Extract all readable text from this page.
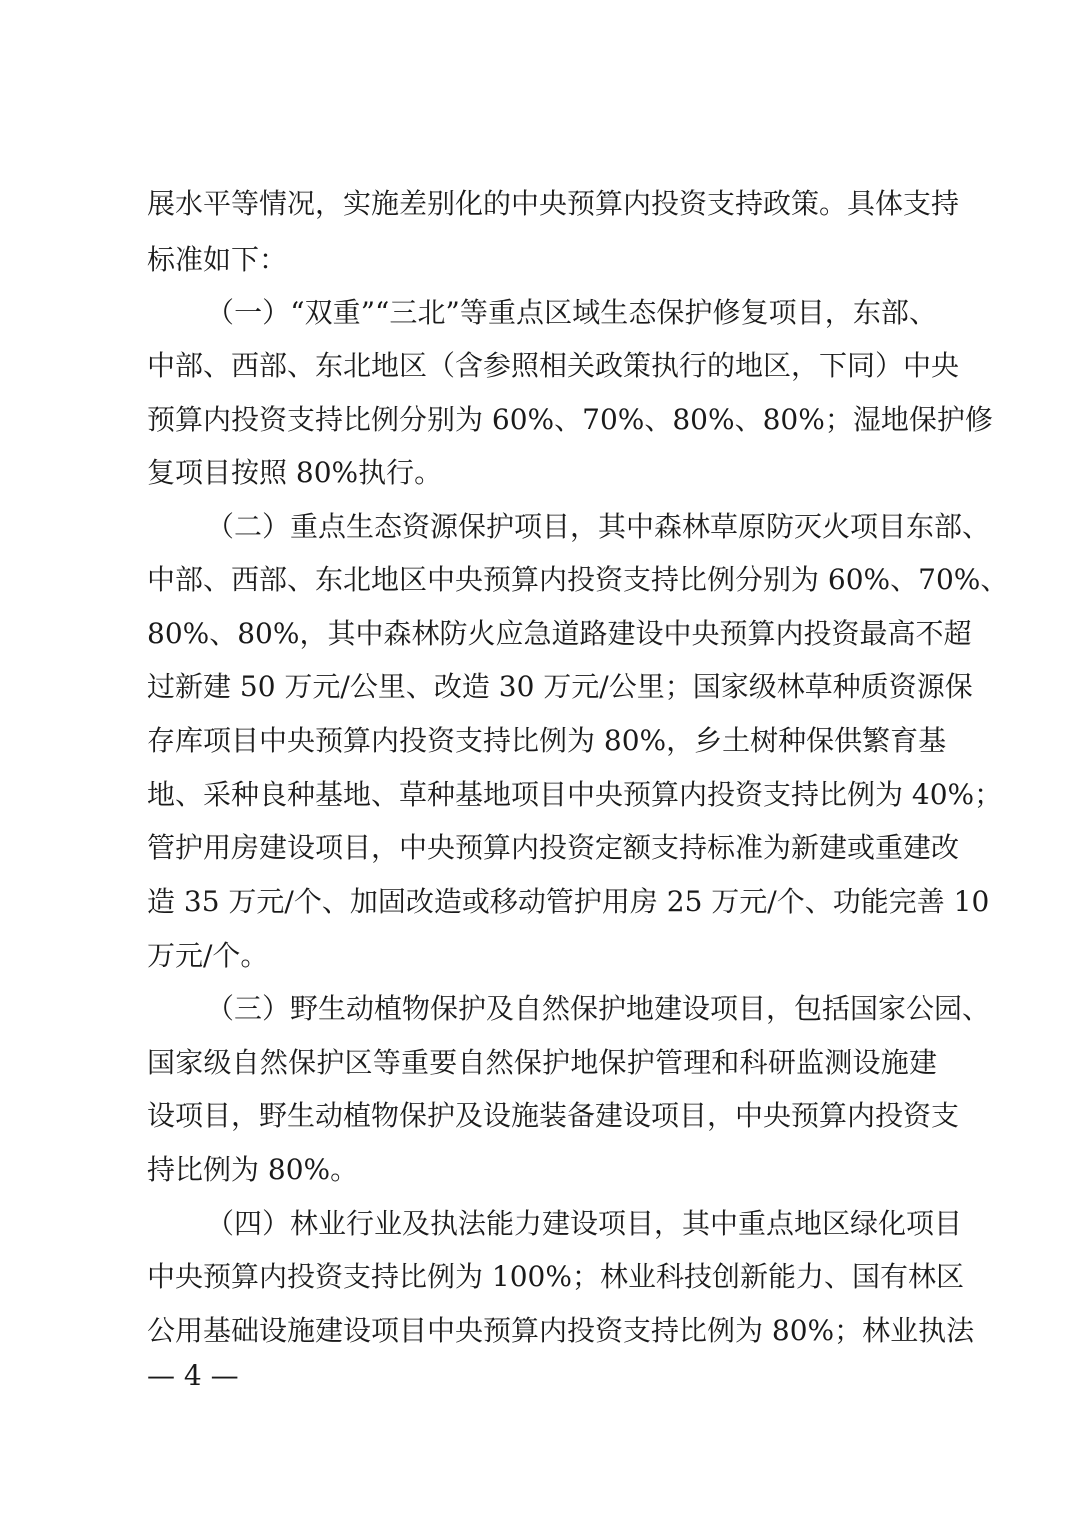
展水平等情况，实施差别化的中央预算内投资支持政策。具体支持
标准如下：
（一）“双重”“三北”等重点区域生态保护修复项目，东部、
中部、西部、东北地区（含参照相关政策执行的地区，下同）中央
预算内投资支持比例分别为 60%、70%、80%、80%；湿地保护修
复项目按照 80%执行。
（二）重点生态资源保护项目，其中森林草原防灭火项目东部、
中部、西部、东北地区中央预算内投资支持比例分别为 60%、70%、
80%、80%，其中森林防火应急道路建设中央预算内投资最高不超
过新建 50 万元/公里、改造 30 万元/公里；国家级林草种质资源保
存库项目中央预算内投资支持比例为 80%，乡土树种保供繁育基
地、采种良种基地、草种基地项目中央预算内投资支持比例为 40%；
管护用房建设项目，中央预算内投资定额支持标准为新建或重建改
造 35 万元/个、加固改造或移动管护用房 25 万元/个、功能完善 10
万元/个。
（三）野生动植物保护及自然保护地建设项目，包括国家公园、
国家级自然保护区等重要自然保护地保护管理和科研监测设施建
设项目，野生动植物保护及设施装备建设项目，中央预算内投资支
持比例为 80%。
（四）林业行业及执法能力建设项目，其中重点地区绿化项目
中央预算内投资支持比例为 100%；林业科技创新能力、国有林区
公用基础设施建设项目中央预算内投资支持比例为 80%；林业执法
— 4 —
